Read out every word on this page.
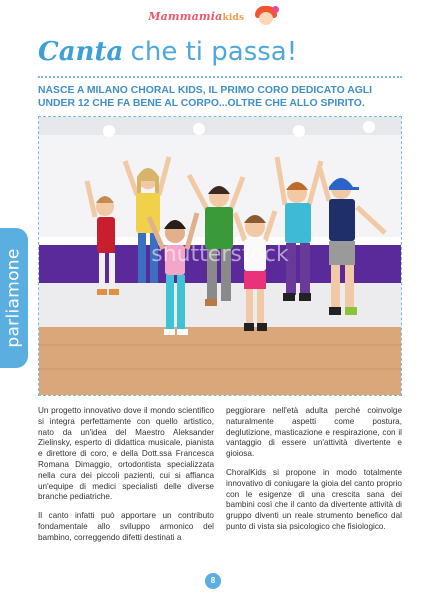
Mammamiakids
Canta che ti passa!
NASCE A MILANO CHORAL KIDS, IL PRIMO CORO DEDICATO AGLI UNDER 12 CHE FA BENE AL CORPO...OLTRE CHE ALLO SPIRITO.
shutterstock
parliamone

Un progetto innovativo dove il mondo scientifico si integra perfettamente con quello artistico, nato da un'idea del Maestro Aleksander Zielinsky, esperto di didattica musicale, pianista e direttore di coro, e della Dott.ssa Francesca Romana Dimaggio, ortodontista specializzata nella cura dei piccoli pazienti, cui si affianca un'equipe di medici specialisti delle diverse branche pediatriche.

Il canto infatti può apportare un contributo fondamentale allo sviluppo armonico del bambino, correggendo difetti destinati a

peggiorare nell'età adulta perché coinvolge naturalmente aspetti come postura, deglutizione, masticazione e respirazione, con il vantaggio di essere un'attività divertente e gioiosa.

ChoralKids si propone in modo totalmente innovativo di coniugare la gioia del canto proprio con le esigenze di una crescita sana dei bambini così che il canto da divertente attività di gruppo diventi un reale strumento benefico dal punto di vista sia psicologico che fisiologico.

8
